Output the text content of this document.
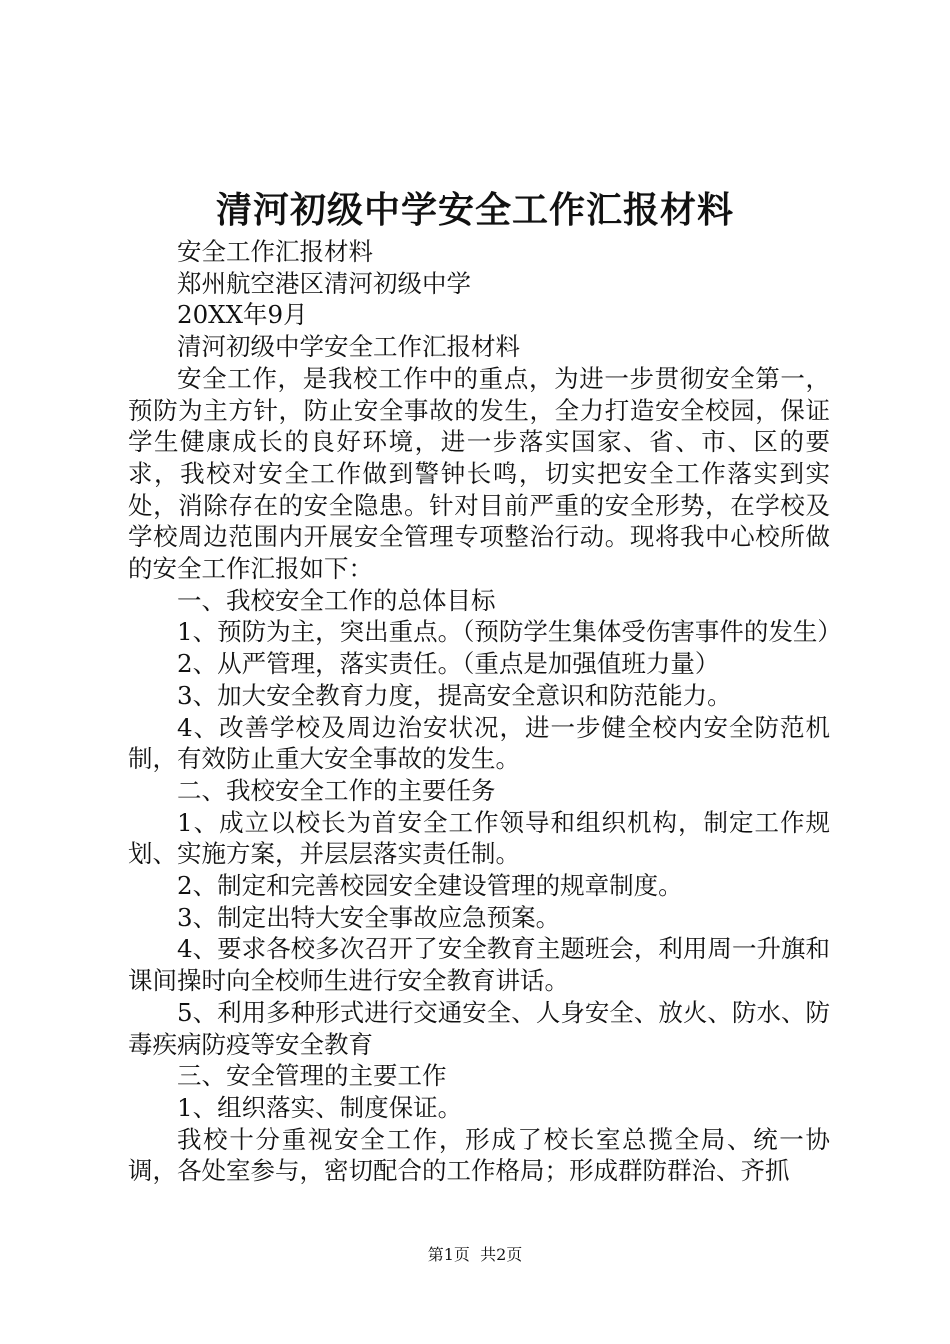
清河初级中学安全工作汇报材料

安全工作汇报材料

郑州航空港区清河初级中学

20XX年9月

清河初级中学安全工作汇报材料

安全工作，是我校工作中的重点，为进一步贯彻安全第一，预防为主方针，防止安全事故的发生，全力打造安全校园，保证学生健康成长的良好环境，进一步落实国家、省、市、区的要求，我校对安全工作做到警钟长鸣，切实把安全工作落实到实处，消除存在的安全隐患。针对目前严重的安全形势，在学校及学校周边范围内开展安全管理专项整治行动。现将我中心校所做的安全工作汇报如下：

一、我校安全工作的总体目标

1、预防为主，突出重点。（预防学生集体受伤害事件的发生）

2、从严管理，落实责任。（重点是加强值班力量）

3、加大安全教育力度，提高安全意识和防范能力。

4、改善学校及周边治安状况，进一步健全校内安全防范机制，有效防止重大安全事故的发生。

二、我校安全工作的主要任务

1、成立以校长为首安全工作领导和组织机构，制定工作规划、实施方案，并层层落实责任制。

2、制定和完善校园安全建设管理的规章制度。

3、制定出特大安全事故应急预案。

4、要求各校多次召开了安全教育主题班会，利用周一升旗和课间操时向全校师生进行安全教育讲话。

5、利用多种形式进行交通安全、人身安全、放火、防水、防毒疾病防疫等安全教育

三、安全管理的主要工作

1、组织落实、制度保证。

我校十分重视安全工作，形成了校长室总揽全局、统一协调，各处室参与，密切配合的工作格局；形成群防群治、齐抓

第1页  共2页
